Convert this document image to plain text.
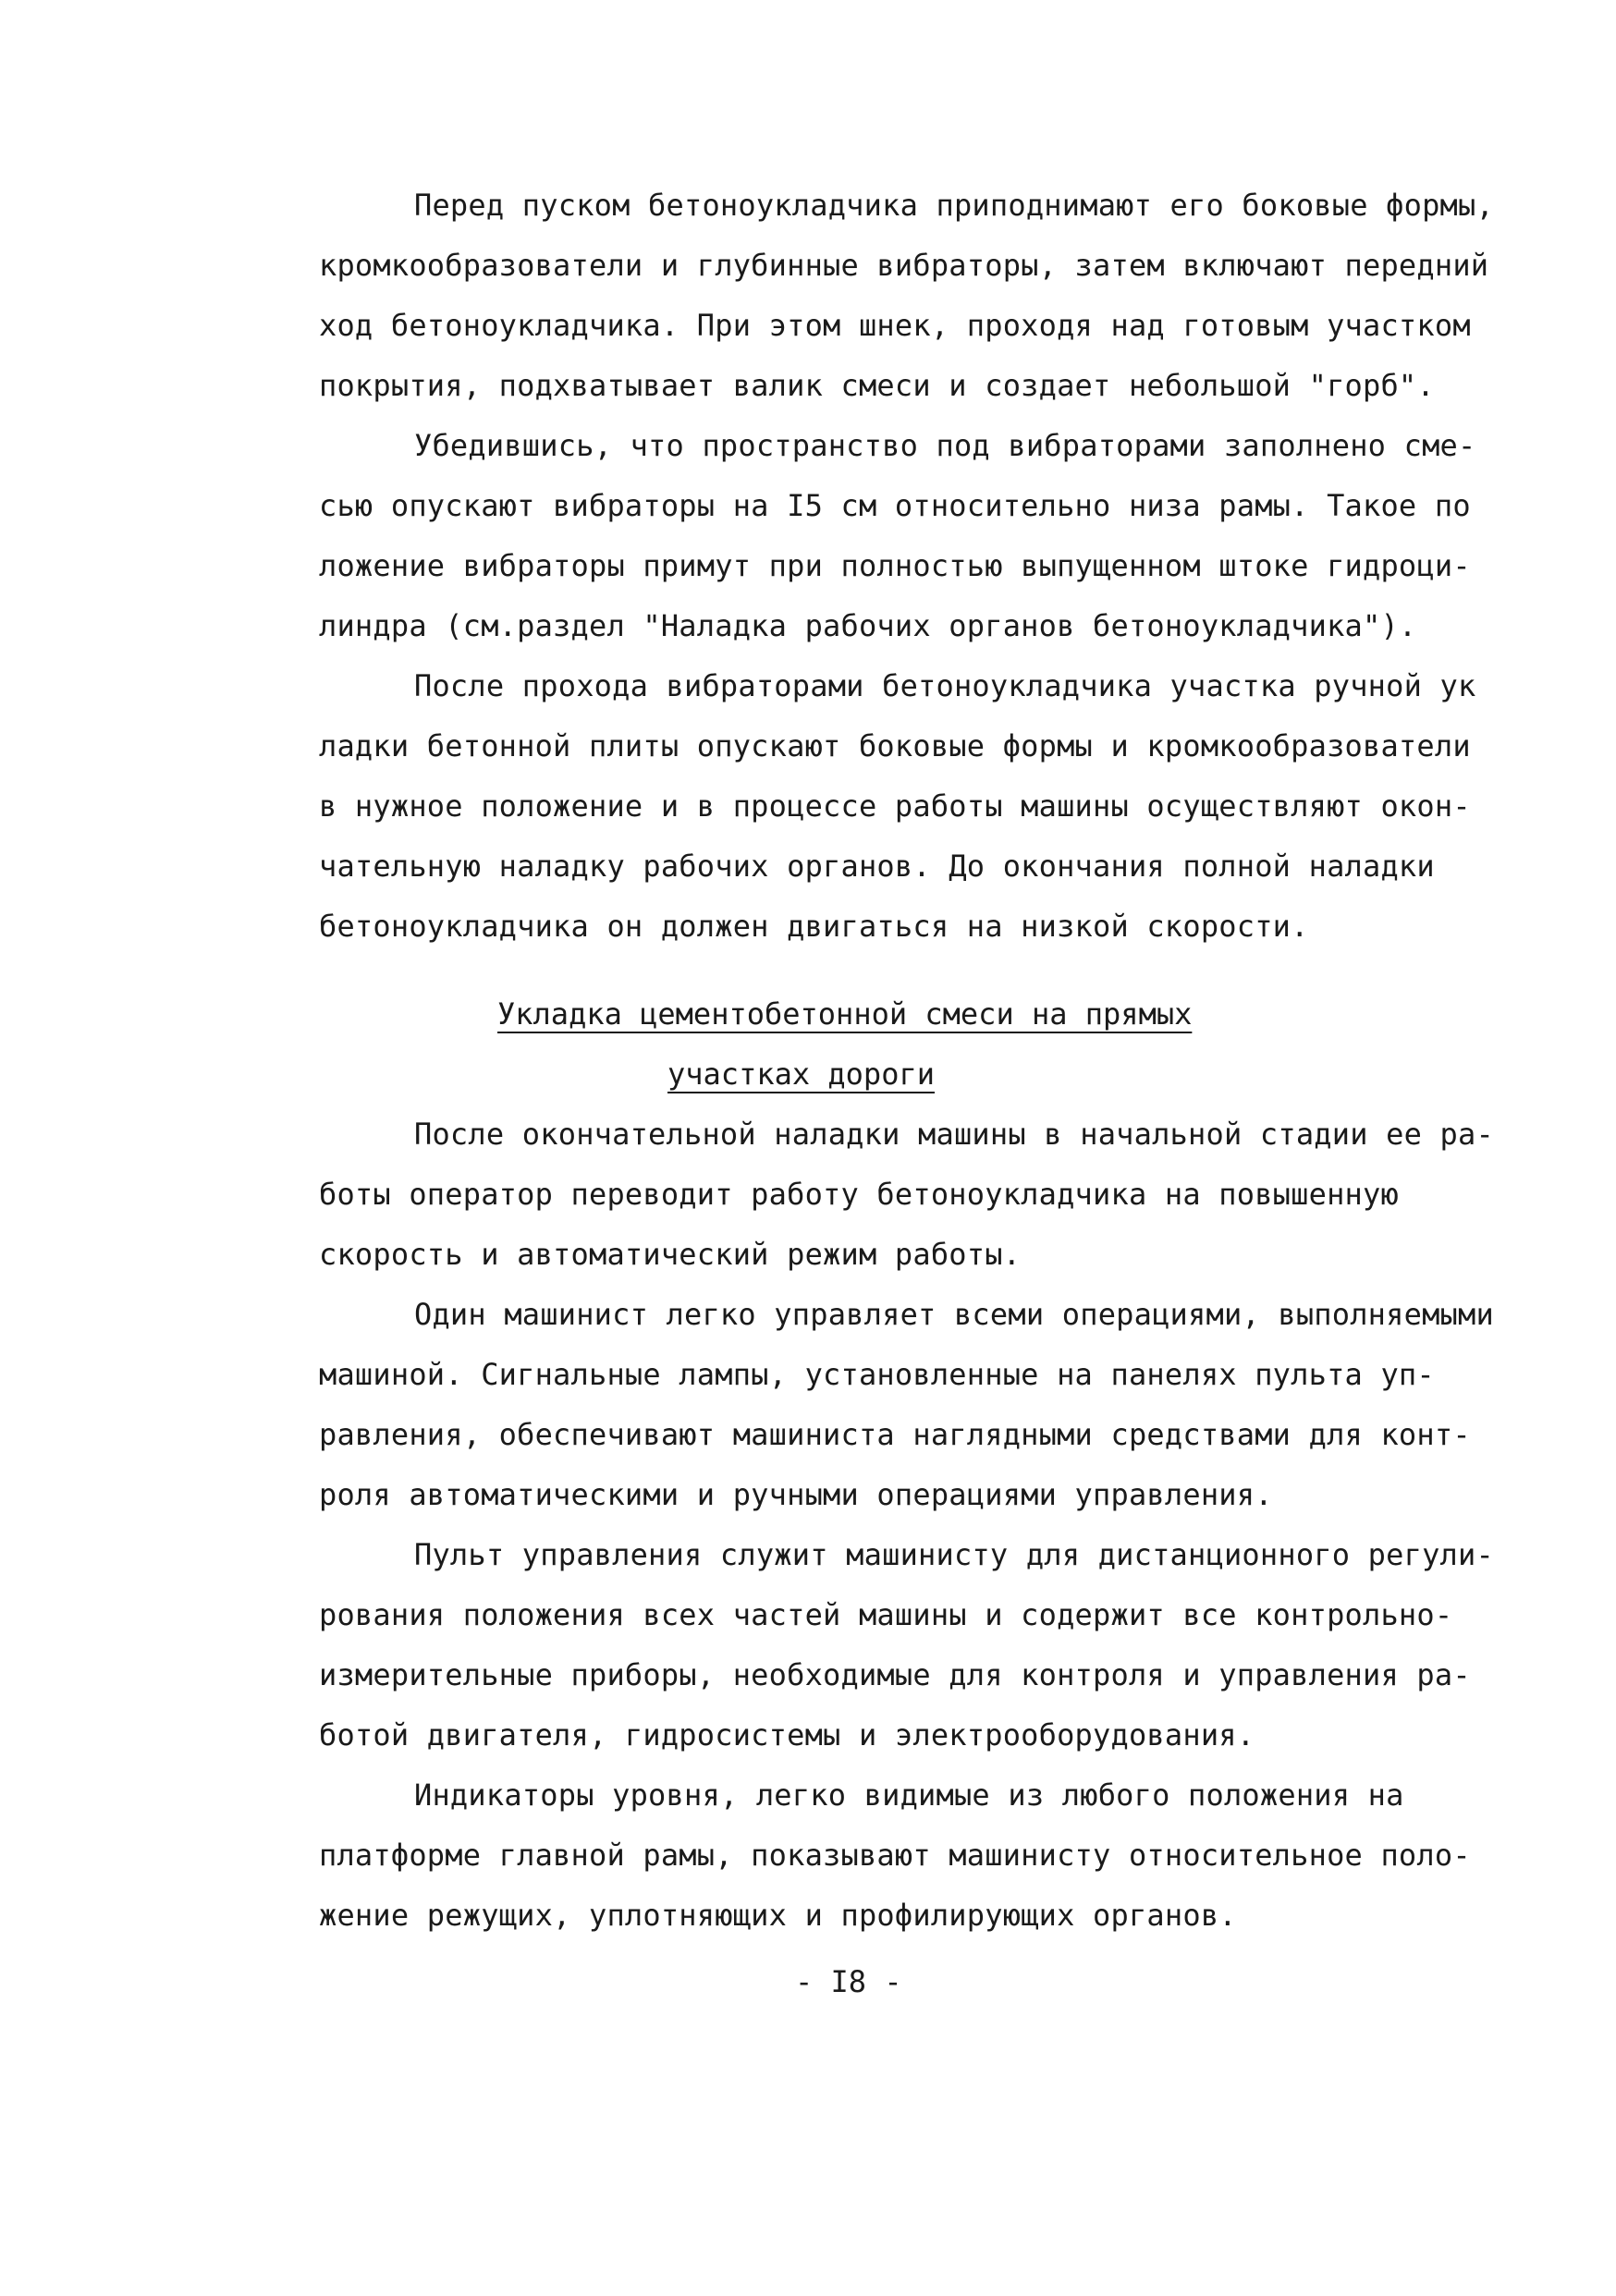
Перед пуском бетоноукладчика приподнимают его боковые формы,
кромкообразователи и глубинные вибраторы, затем включают передний
ход бетоноукладчика. При этом шнек, проходя над готовым участком
покрытия, подхватывает валик смеси и создает небольшой "горб".
Убедившись, что пространство под вибраторами заполнено сме-
сью опускают вибраторы на I5 см относительно низа рамы. Такое по
ложение вибраторы примут при полностью выпущенном штоке гидроци-
линдра (см.раздел "Наладка рабочих органов бетоноукладчика").
После прохода вибраторами бетоноукладчика участка ручной ук
ладки бетонной плиты опускают боковые формы и кромкообразователи
в нужное положение и в процессе работы машины осуществляют окон-
чательную наладку рабочих органов. До окончания полной наладки
бетоноукладчика он должен двигаться на низкой скорости.
Укладка цементобетонной смеси на прямых
участках дороги
После окончательной наладки машины в начальной стадии ее ра-
боты оператор переводит работу бетоноукладчика на повышенную
скорость и автоматический режим работы.
Один машинист легко управляет всеми операциями, выполняемыми
машиной. Сигнальные лампы, установленные на панелях пульта уп-
равления, обеспечивают машиниста наглядными средствами для конт-
роля автоматическими и ручными операциями управления.
Пульт управления служит машинисту для дистанционного регули-
рования положения всех частей машины и содержит все контрольно-
измерительные приборы, необходимые для контроля и управления ра-
ботой двигателя, гидросистемы и электрооборудования.
Индикаторы уровня, легко видимые из любого положения на
платформе главной рамы, показывают машинисту относительное поло-
жение режущих, уплотняющих и профилирующих органов.
- I8 -
